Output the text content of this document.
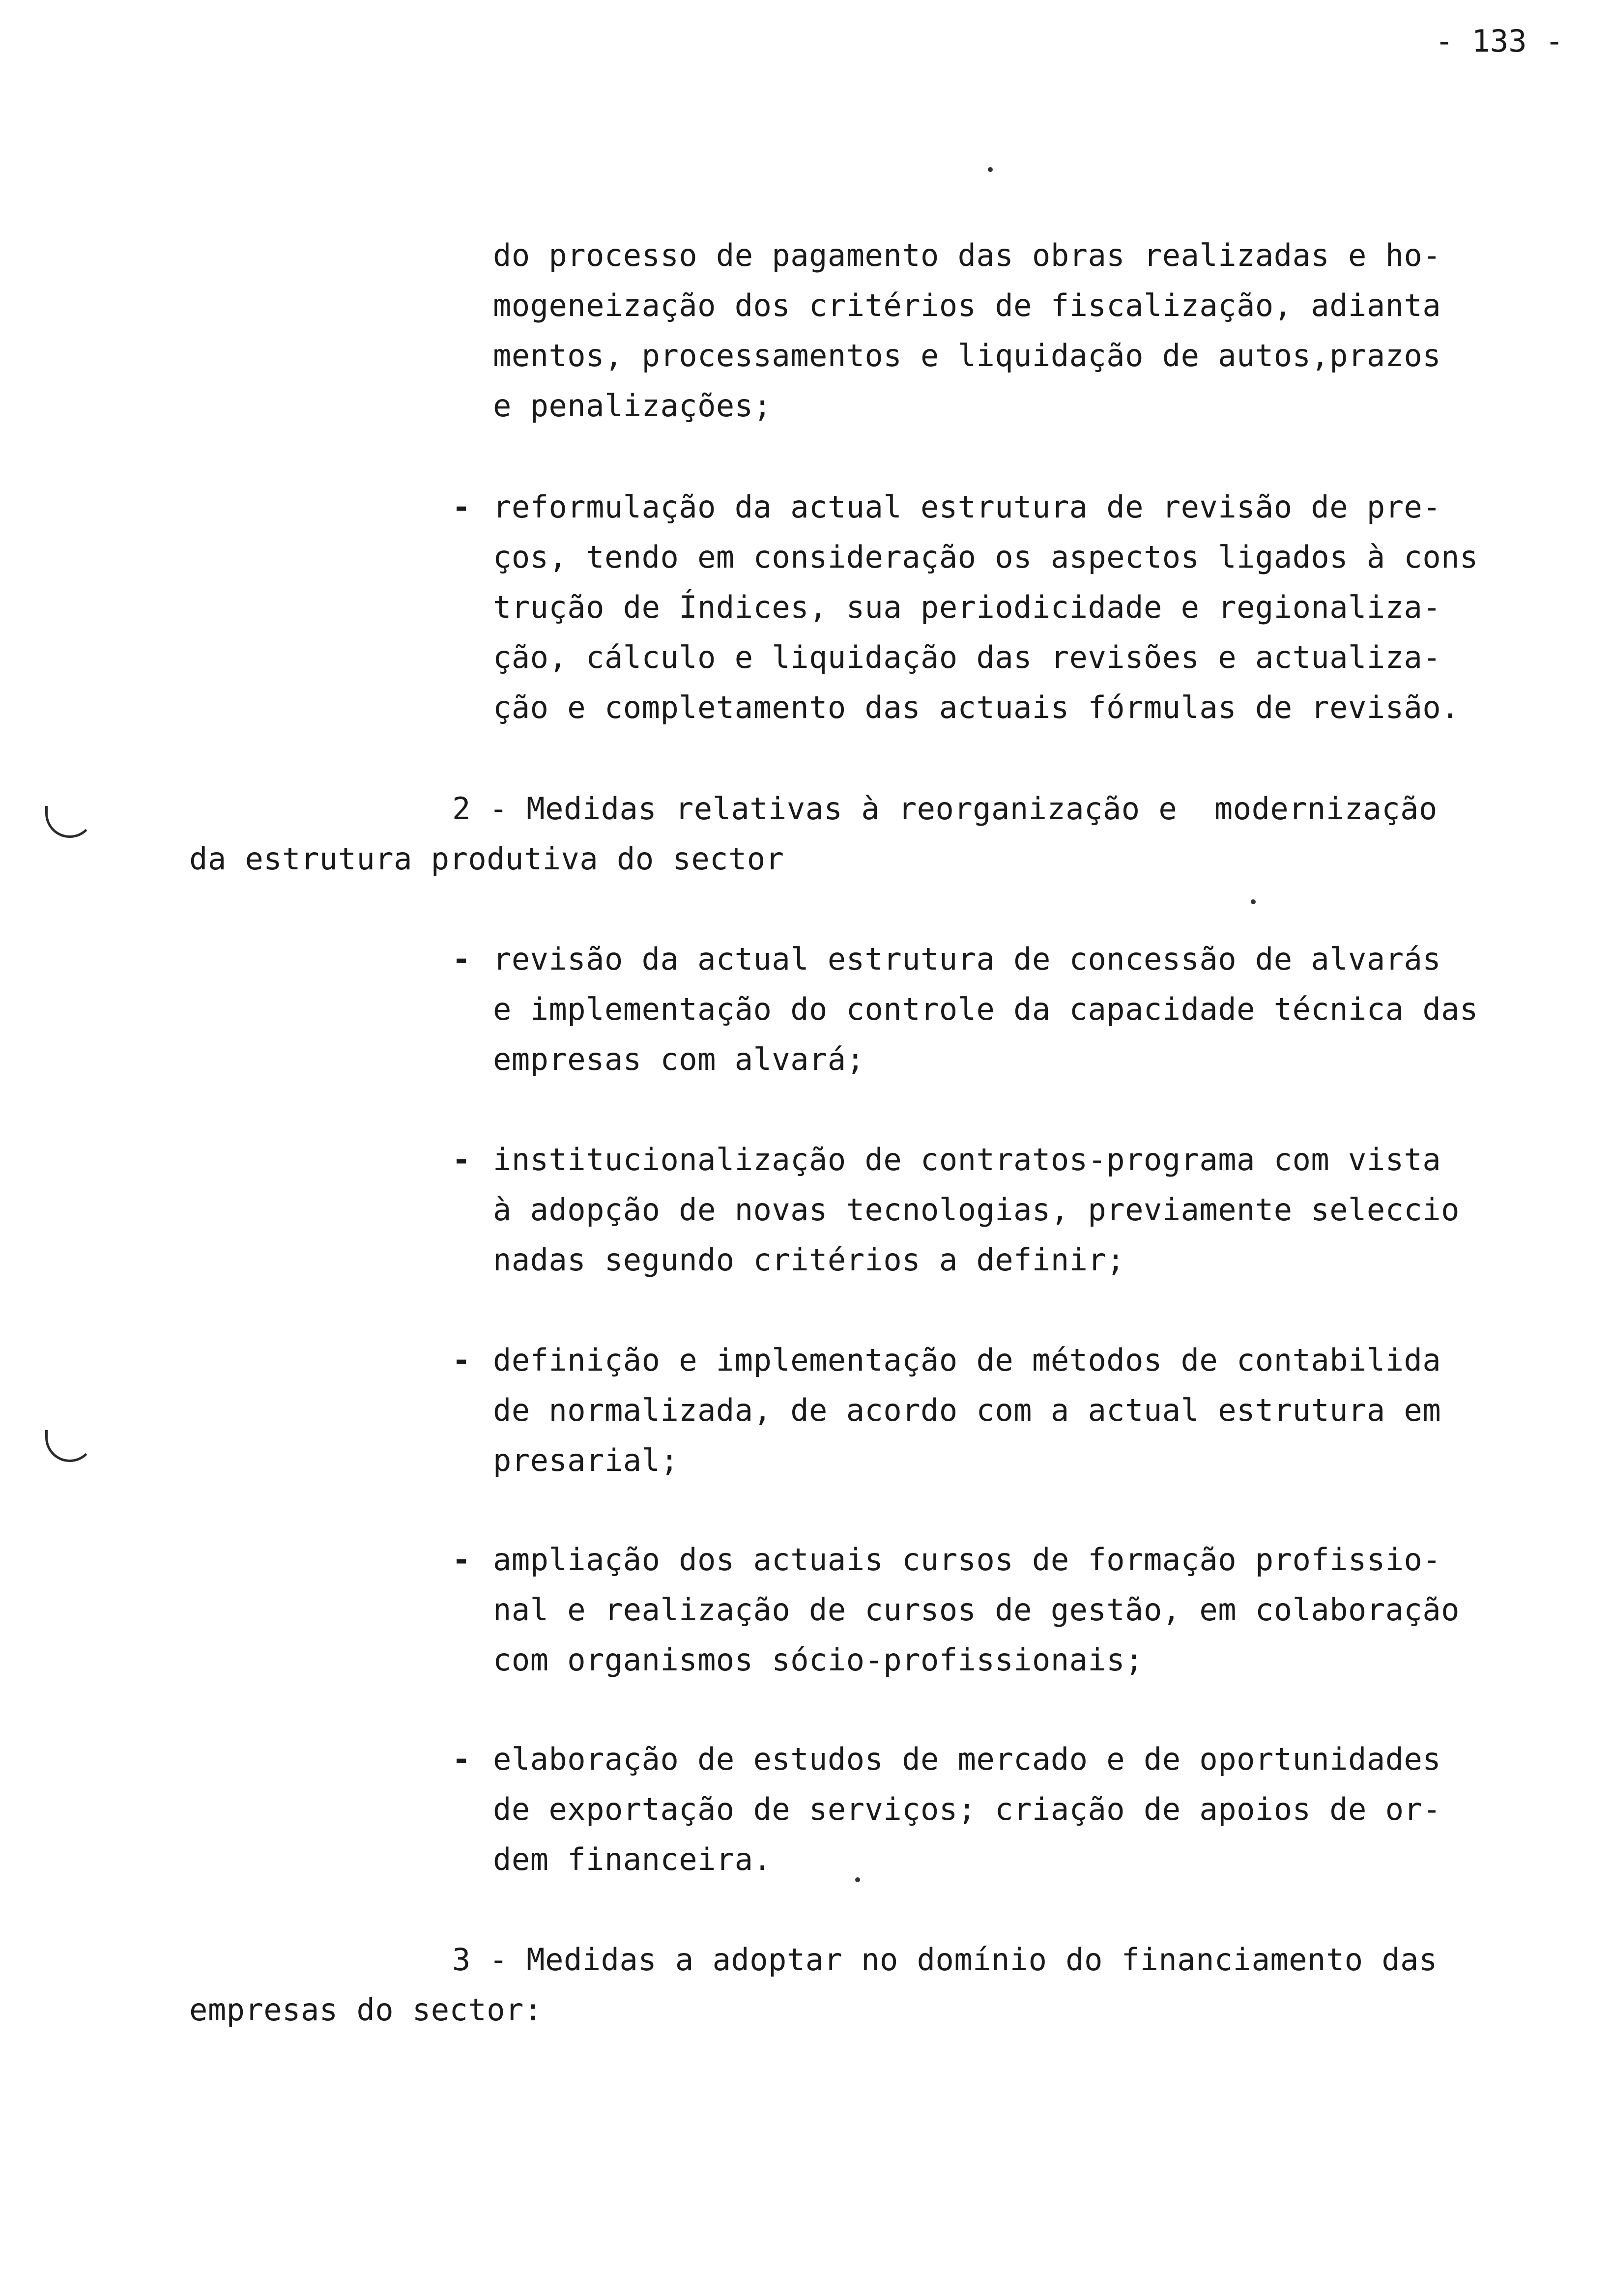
- 133 -
do processo de pagamento das obras realizadas e ho-
mogeneização dos critérios de fiscalização, adianta
mentos, processamentos e liquidação de autos,prazos
e penalizações;
- reformulação da actual estrutura de revisão de pre-
ços, tendo em consideração os aspectos ligados à cons
trução de Índices, sua periodicidade e regionaliza-
ção, cálculo e liquidação das revisões e actualiza-
ção e completamento das actuais fórmulas de revisão.
2 - Medidas relativas à reorganização e  modernização
da estrutura produtiva do sector
- revisão da actual estrutura de concessão de alvarás
e implementação do controle da capacidade técnica das
empresas com alvará;
- institucionalização de contratos-programa com vista
à adopção de novas tecnologias, previamente seleccio
nadas segundo critérios a definir;
- definição e implementação de métodos de contabilida
de normalizada, de acordo com a actual estrutura em
presarial;
- ampliação dos actuais cursos de formação profissio-
nal e realização de cursos de gestão, em colaboração
com organismos sócio-profissionais;
- elaboração de estudos de mercado e de oportunidades
de exportação de serviços; criação de apoios de or-
dem financeira.
3 - Medidas a adoptar no domínio do financiamento das
empresas do sector:
